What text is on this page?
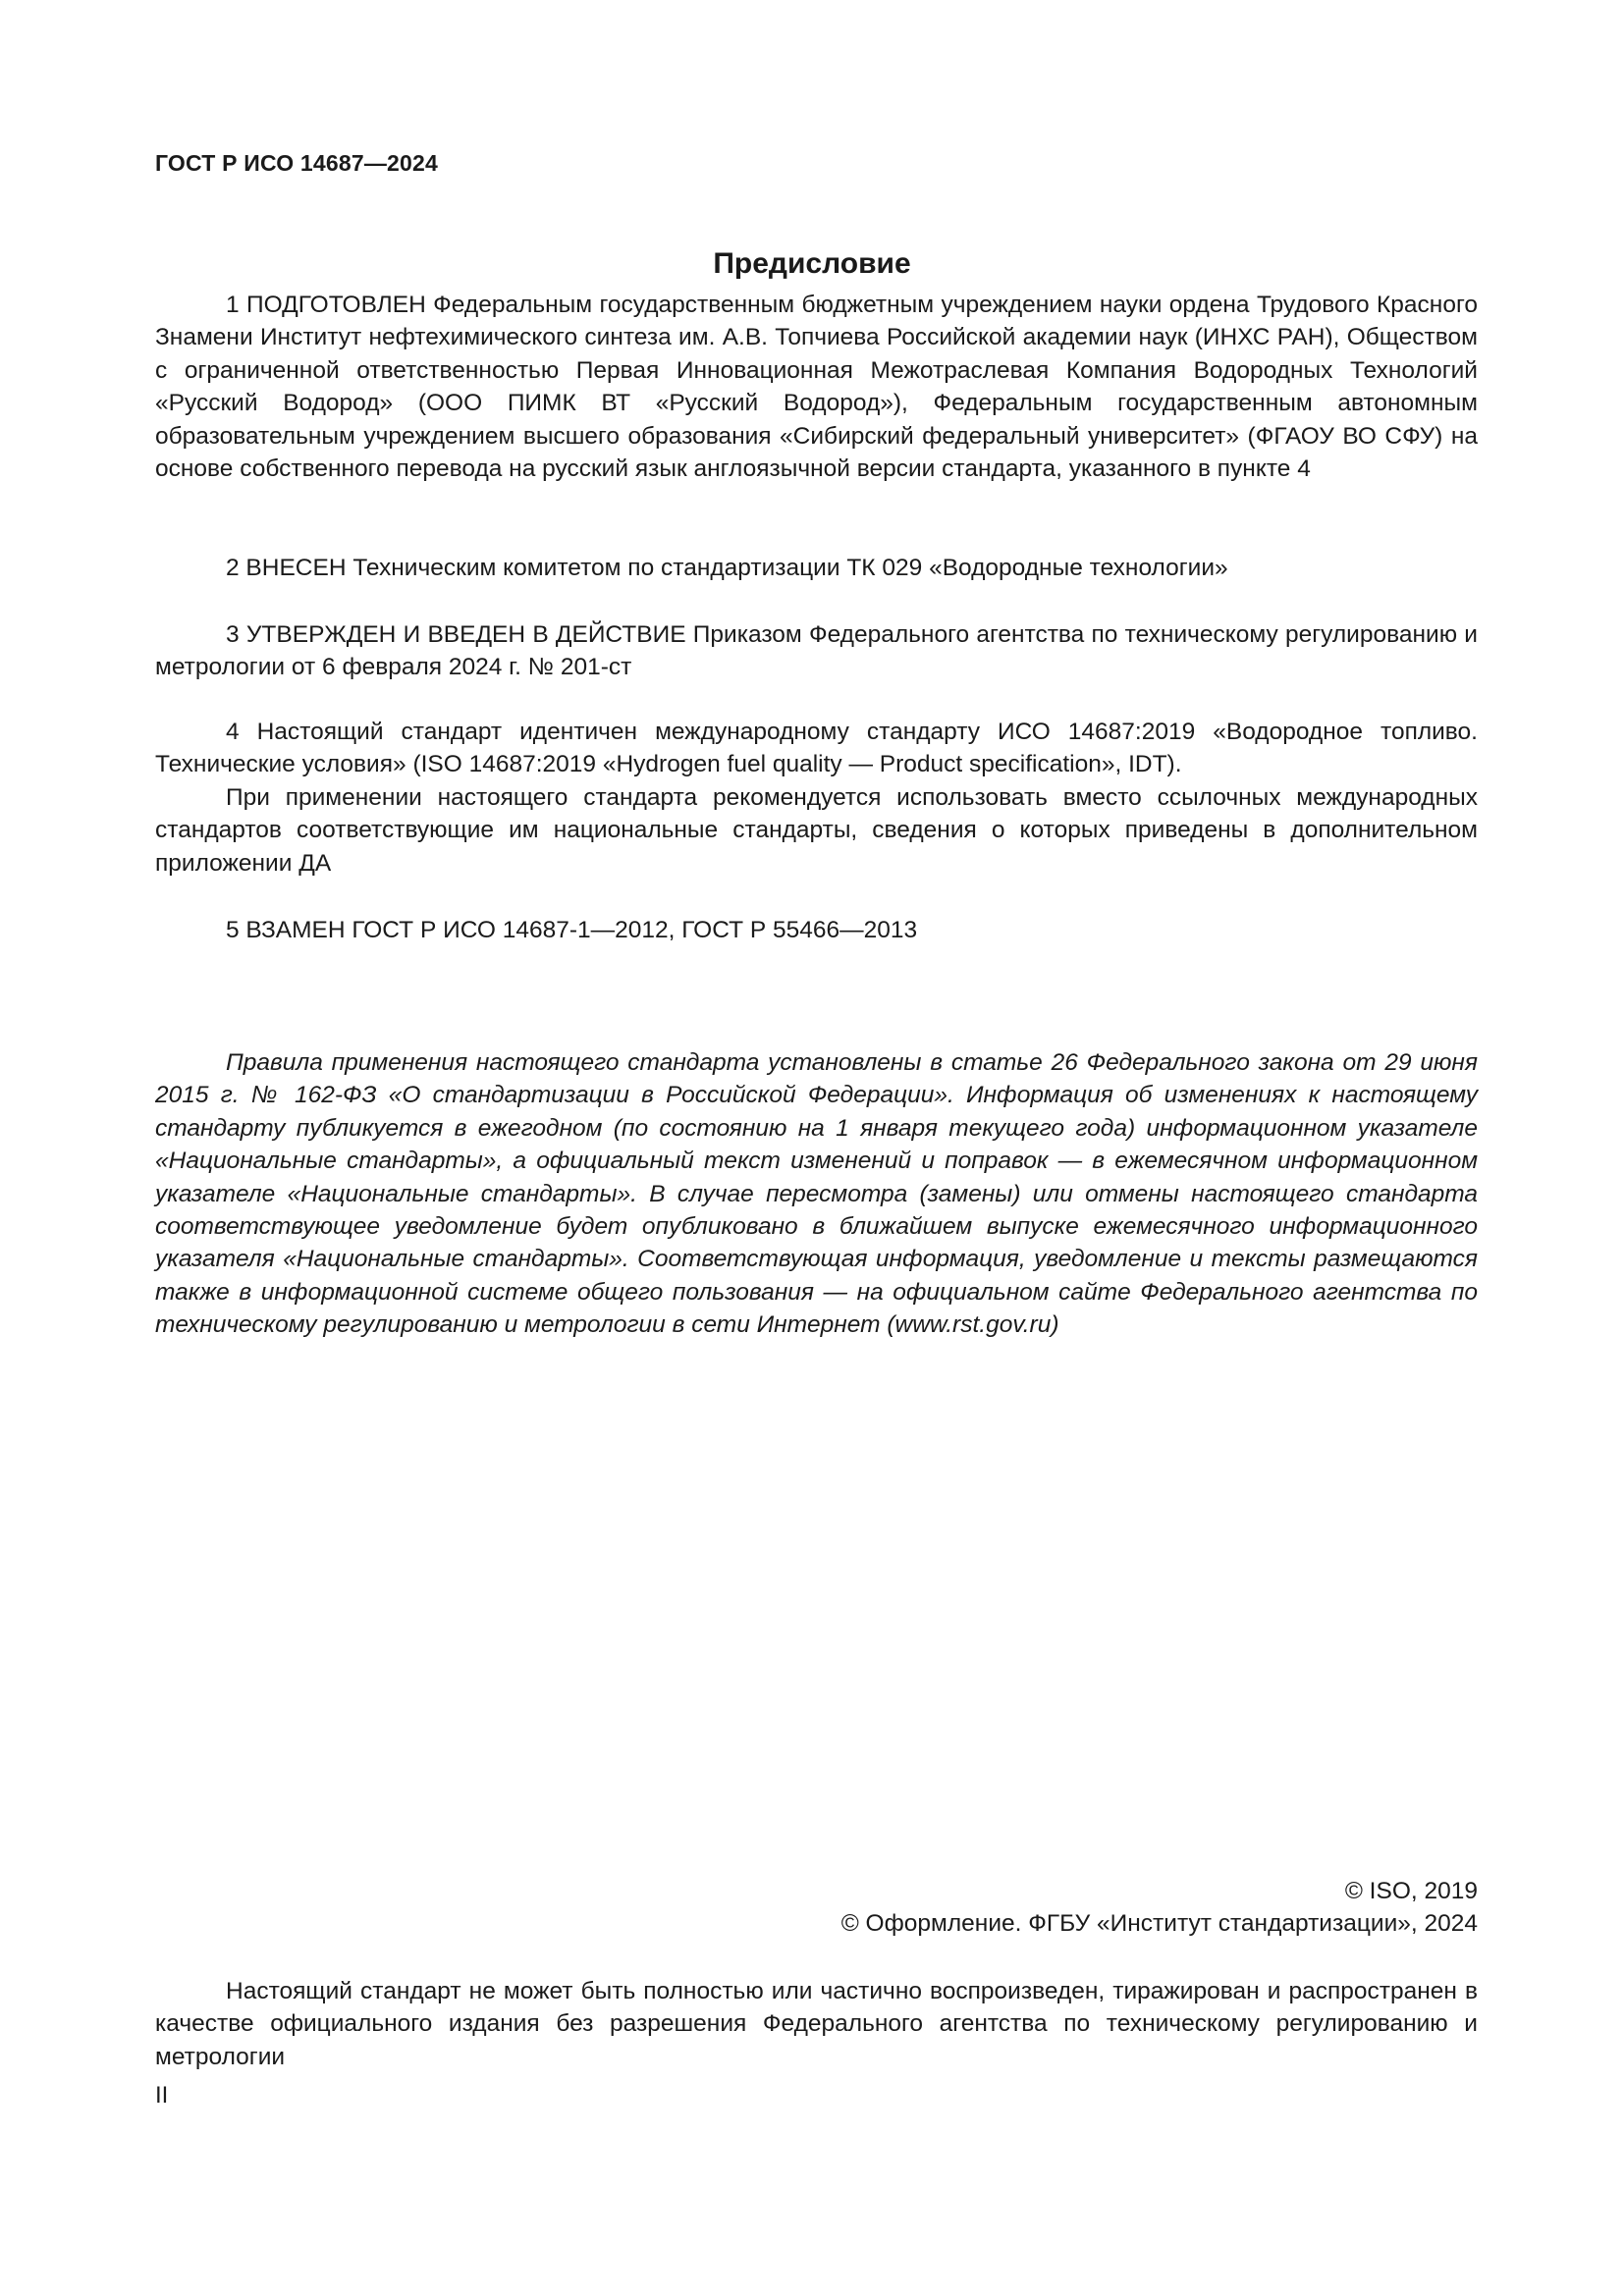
ГОСТ Р ИСО 14687—2024
Предисловие

1 ПОДГОТОВЛЕН Федеральным государственным бюджетным учреждением науки ордена Трудового Красного Знамени Институт нефтехимического синтеза им. А.В. Топчиева Российской академии наук (ИНХС РАН), Обществом с ограниченной ответственностью Первая Инновационная Межотраслевая Компания Водородных Технологий «Русский Водород» (ООО ПИМК ВТ «Русский Водород»), Федеральным государственным автономным образовательным учреждением высшего образования «Сибирский федеральный университет» (ФГАОУ ВО СФУ) на основе собственного перевода на русский язык англоязычной версии стандарта, указанного в пункте 4

2 ВНЕСЕН Техническим комитетом по стандартизации ТК 029 «Водородные технологии»

3 УТВЕРЖДЕН И ВВЕДЕН В ДЕЙСТВИЕ Приказом Федерального агентства по техническому регулированию и метрологии от 6 февраля 2024 г. № 201-ст

4 Настоящий стандарт идентичен международному стандарту ИСО 14687:2019 «Водородное топливо. Технические условия» (ISO 14687:2019 «Hydrogen fuel quality — Product specification», IDT).

При применении настоящего стандарта рекомендуется использовать вместо ссылочных международных стандартов соответствующие им национальные стандарты, сведения о которых приведены в дополнительном приложении ДА

5 ВЗАМЕН ГОСТ Р ИСО 14687-1—2012, ГОСТ Р 55466—2013

Правила применения настоящего стандарта установлены в статье 26 Федерального закона от 29 июня 2015 г. № 162-ФЗ «О стандартизации в Российской Федерации». Информация об изменениях к настоящему стандарту публикуется в ежегодном (по состоянию на 1 января текущего года) информационном указателе «Национальные стандарты», а официальный текст изменений и поправок — в ежемесячном информационном указателе «Национальные стандарты». В случае пересмотра (замены) или отмены настоящего стандарта соответствующее уведомление будет опубликовано в ближайшем выпуске ежемесячного информационного указателя «Национальные стандарты». Соответствующая информация, уведомление и тексты размещаются также в информационной системе общего пользования — на официальном сайте Федерального агентства по техническому регулированию и метрологии в сети Интернет (www.rst.gov.ru)

© ISO, 2019
© Оформление. ФГБУ «Институт стандартизации», 2024

Настоящий стандарт не может быть полностью или частично воспроизведен, тиражирован и распространен в качестве официального издания без разрешения Федерального агентства по техническому регулированию и метрологии

II
